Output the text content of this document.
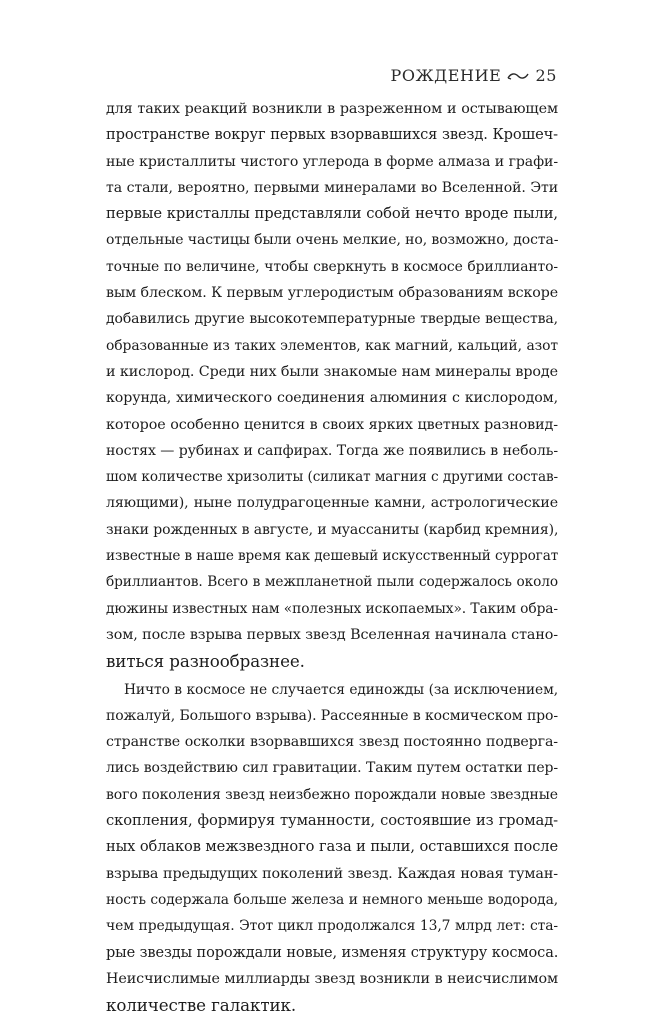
РОЖДЕНИЕ 25
для таких реакций возникли в разреженном и остывающем
пространстве вокруг первых взорвавшихся звезд. Крошеч-
ные кристаллиты чистого углерода в форме алмаза и графи-
та стали, вероятно, первыми минералами во Вселенной. Эти
первые кристаллы представляли собой нечто вроде пыли,
отдельные частицы были очень мелкие, но, возможно, доста-
точные по величине, чтобы сверкнуть в космосе бриллианто-
вым блеском. К первым углеродистым образованиям вскоре
добавились другие высокотемпературные твердые вещества,
образованные из таких элементов, как магний, кальций, азот
и кислород. Среди них были знакомые нам минералы вроде
корунда, химического соединения алюминия с кислородом,
которое особенно ценится в своих ярких цветных разновид-
ностях — рубинах и сапфирах. Тогда же появились в неболь-
шом количестве хризолиты (силикат магния с другими состав-
ляющими), ныне полудрагоценные камни, астрологические
знаки рожденных в августе, и муассаниты (карбид кремния),
известные в наше время как дешевый искусственный суррогат
бриллиантов. Всего в межпланетной пыли содержалось около
дюжины известных нам «полезных ископаемых». Таким обра-
зом, после взрыва первых звезд Вселенная начинала стано-
виться разнообразнее.
Ничто в космосе не случается единожды (за исключением,
пожалуй, Большого взрыва). Рассеянные в космическом про-
странстве осколки взорвавшихся звезд постоянно подверга-
лись воздействию сил гравитации. Таким путем остатки пер-
вого поколения звезд неизбежно порождали новые звездные
скопления, формируя туманности, состоявшие из громад-
ных облаков межзвездного газа и пыли, оставшихся после
взрыва предыдущих поколений звезд. Каждая новая туман-
ность содержала больше железа и немного меньше водорода,
чем предыдущая. Этот цикл продолжался 13,7 млрд лет: ста-
рые звезды порождали новые, изменяя структуру космоса.
Неисчислимые миллиарды звезд возникли в неисчислимом
количестве галактик.
